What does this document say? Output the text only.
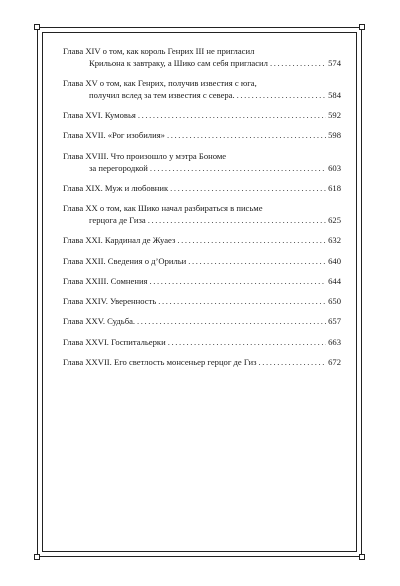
Глава XIV о том, как король Генрих III не пригласил
Крильона к завтраку, а Шико сам себя пригласил .....	574
Глава XV о том, как Генрих, получив известия с юга,
получил вслед за тем известия с севера. .....	584
Глава XVI. Кумовья .....	592
Глава XVII. «Рог изобилия» .....	598
Глава XVIII. Что произошло у мэтра Бономе
за перегородкой .....	603
Глава XIX. Муж и любовник .....	618
Глава XX о том, как Шико начал разбираться в письме
герцога де Гиза .....	625
Глава XXI. Кардинал де Жуаез .....	632
Глава XXII. Сведения о д’Орильи .....	640
Глава XXIII. Сомнения .....	644
Глава XXIV. Уверенность .....	650
Глава XXV. Судьба. .....	657
Глава XXVI. Госпитальерки .....	663
Глава XXVII. Его светлость монсеньер герцог де Гиз .....	672
